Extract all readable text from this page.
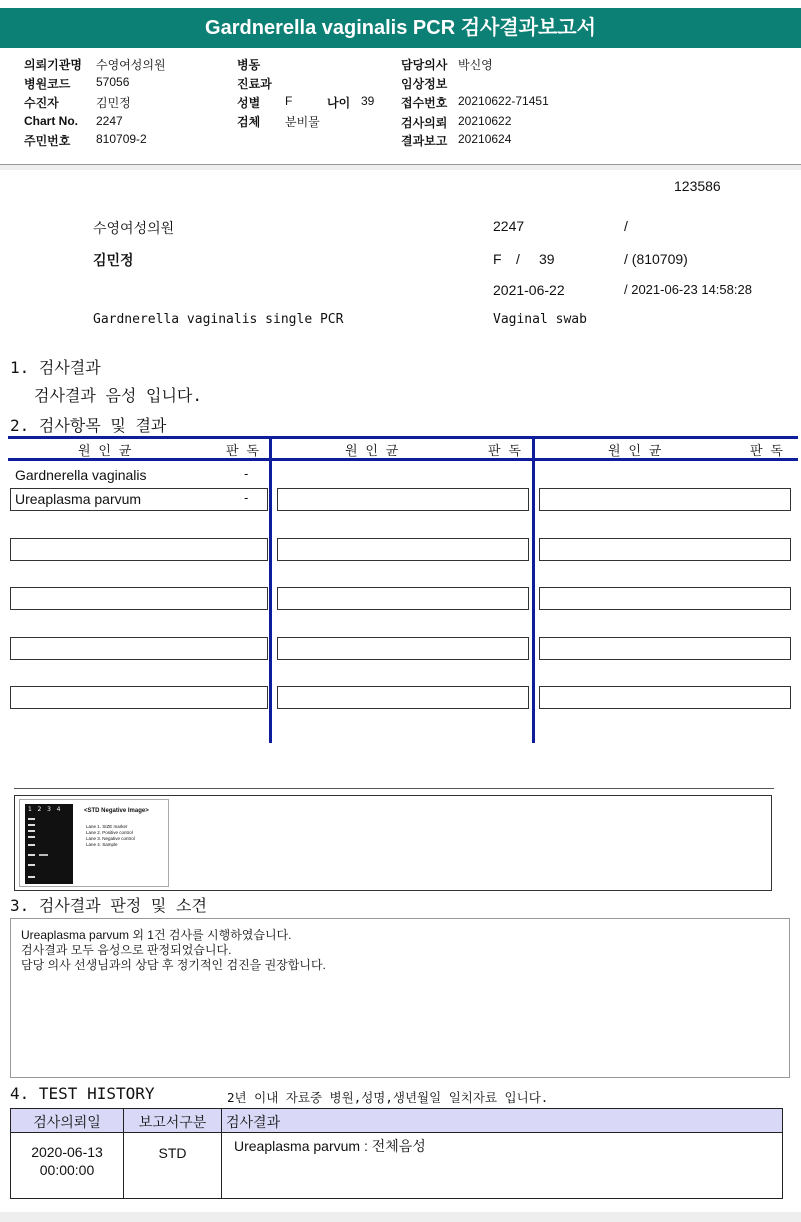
Gardnerella vaginalis PCR 검사결과보고서
의뢰기관명 수영여성의원
병원코드 57056
수진자	김민정
Chart No. 2247
주민번호 810709-2
병동
진료과
성별 F	나이 39
검체 분비물
담당의사 박신영
임상정보
접수번호 20210622-71451
검사의뢰 20210622
결과보고 20210624
123586
수영여성의원	2247	/
김민정	F / 39	/ (810709)
2021-06-22	/ 2021-06-23 14:58:28
Gardnerella vaginalis single PCR	Vaginal swab
1. 검사결과
검사결과 음성 입니다.
2. 검사항목 및 결과
원 인 균	판 독	원 인 균	판 독	원 인 균	판 독
Gardnerella vaginalis	-
Ureaplasma parvum	-
1   2   3   4	<STD Negative Image>
Lane 1. SIZE marker
Lane 2. Positive control
Lane 3. Negative control
Lane 4. Sample
3. 검사결과 판정 및 소견
Ureaplasma parvum 외 1건 검사를 시행하였습니다.
검사결과 모두 음성으로 판정되었습니다.
담당 의사 선생님과의 상담 후 정기적인 검진을 권장합니다.
4. TEST HISTORY	2년 이내 자료중 병원,성명,생년월일 일치자료 입니다.
검사의뢰일	보고서구분	검사결과
2020-06-13
00:00:00
STD	Ureaplasma parvum : 전체음성
